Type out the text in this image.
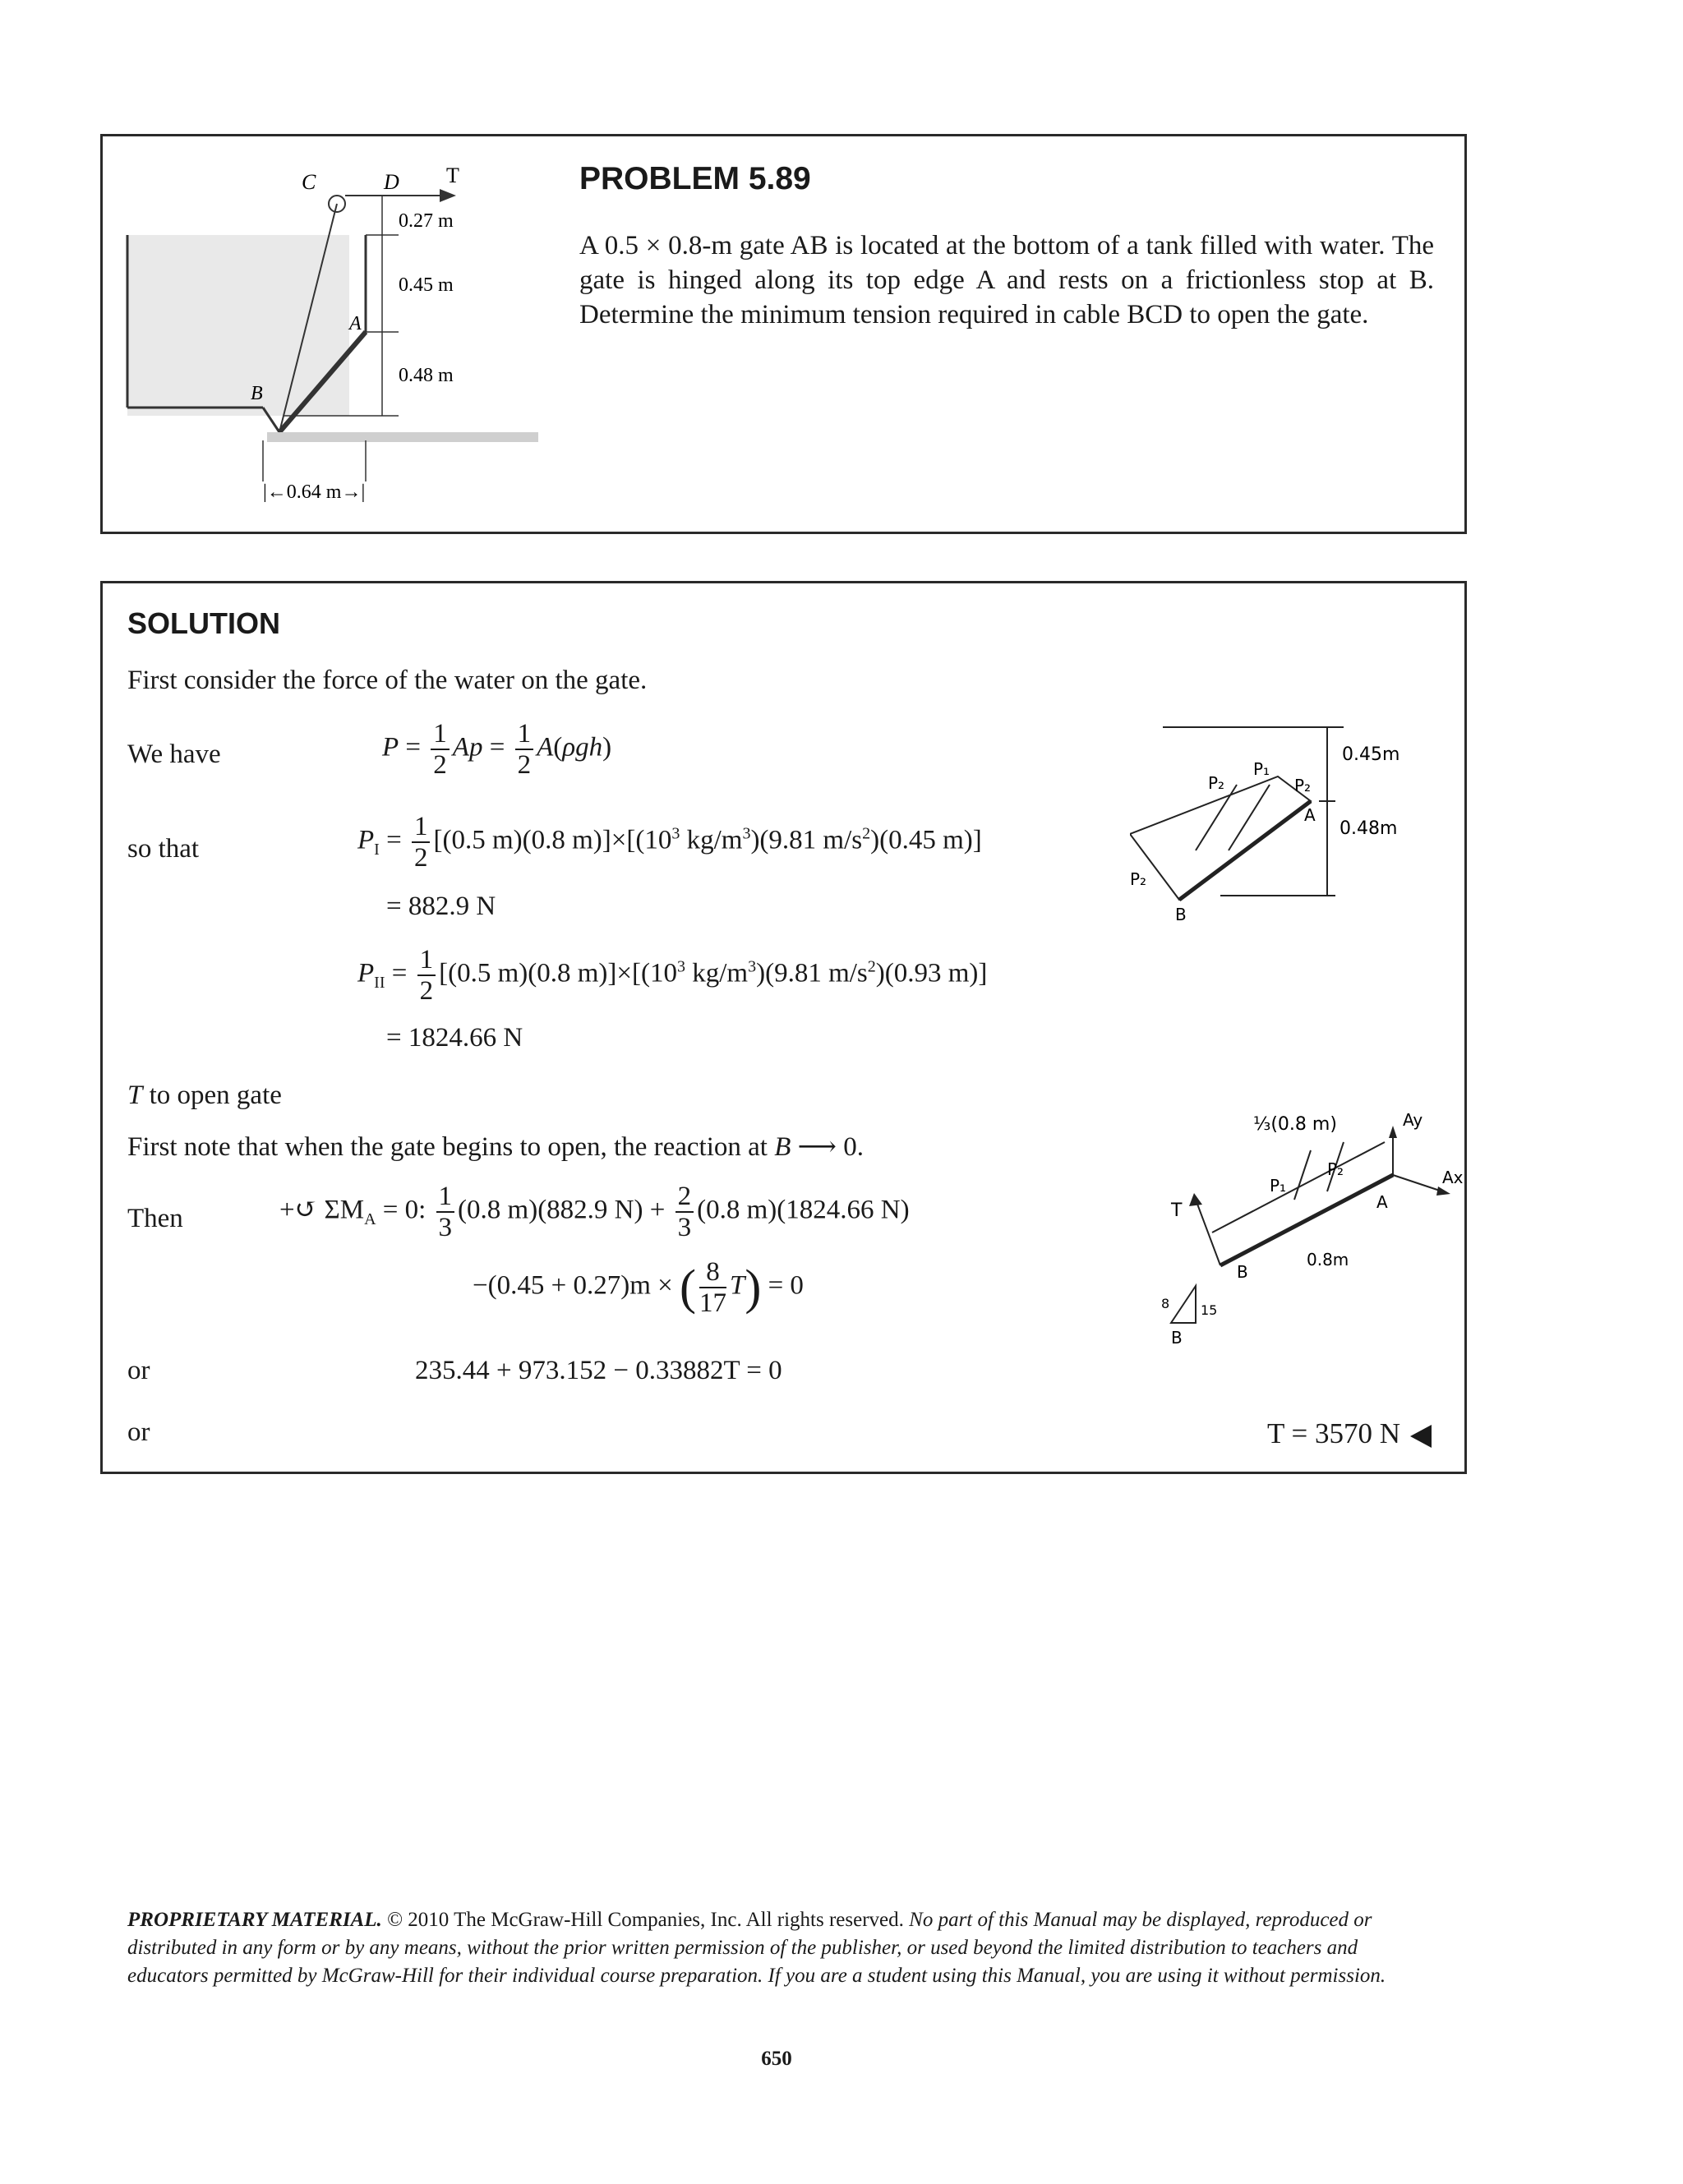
C	D T
A
B
0.27 m
0.45 m
0.48 m
|←0.64 m→|
PROBLEM 5.89
A 0.5 × 0.8-m gate AB is located at the bottom of a tank filled with water. The gate is hinged along its top edge A and rests on a frictionless stop at B. Determine the minimum tension required in cable BCD to open the gate.
SOLUTION
First consider the force of the water on the gate.
We have	$P = \frac{1}{2}$ $Ap = \frac{1}{2} A(\rho gh)$
so that	$P_I = \frac{1}{2} [(0.5$ m)(0.8 $m)]\times[(10^3$ $kg/m^3)(9.81$ $m/s^2)(0.45$ m)]
= 882.9 N
$P_{II} = \frac{1}{2} [(0.5$ m)(0.8 $m)]\times[(10^3$ $kg/m^3)(9.81$ $m/s^2)(0.93$ m)]
= 1824.66 N
T to open gate
First note that when the gate begins to open, the reaction at B ⟶ 0.
Then	+↺ $\Sigma M_A = 0$: $\frac{1}{3} (0.8$ m)(882.9 $N) + \frac{2}{3} (0.8$ m)(1824.66 N)
−(0.45 + 0.27)m × ( $\frac{8}{17} T) = 0$
or	235.44 + 973.152 − 0.33882T = 0
or	T = 3570 N
0.45m
0.48m
A
B
P₂
P₁
P₂
P₂
⅓(0.8 m)	Ay
Ax
A
T
B
B
P₁
P₂
0.8m
8 15
PROPRIETARY MATERIAL. © 2010 The McGraw-Hill Companies, Inc. All rights reserved. No part of this Manual may be displayed, reproduced or distributed in any form or by any means, without the prior written permission of the publisher, or used beyond the limited distribution to teachers and educators permitted by McGraw-Hill for their individual course preparation. If you are a student using this Manual, you are using it without permission.
650
